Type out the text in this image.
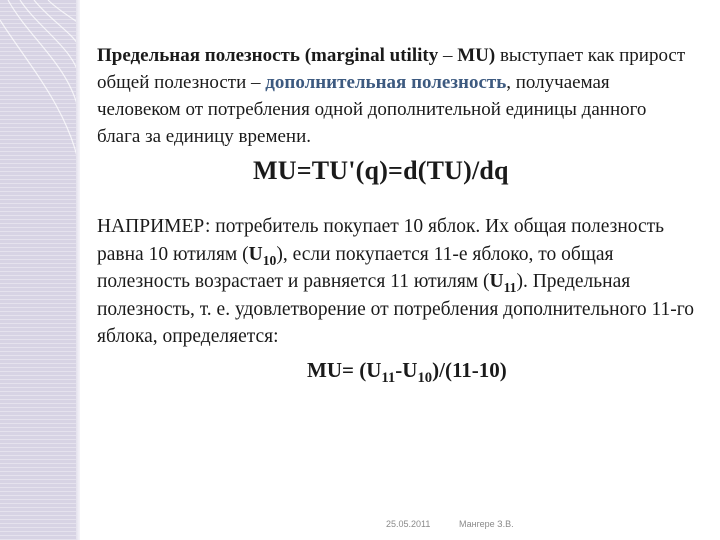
Предельная полезность (marginal utility – MU) выступает как прирост общей полезности – дополнительная полезность, получаемая человеком от потребления одной дополнительной единицы данного блага за единицу времени.
MU=TU'(q)=d(TU)/dq
НАПРИМЕР: потребитель покупает 10 яблок. Их общая полезность равна 10 ютилям $(U_{10})$, если покупается 11-е яблоко, то общая полезность возрастает и равняется 11 ютилям $(U_{11})$. Предельная полезность, т. е. удовлетворение от потребления дополнительного 11-го яблока, определяется:
$MU= (U_{11}-U_{10})/(11-10)$
25.05.2011	Мангере З.В.
